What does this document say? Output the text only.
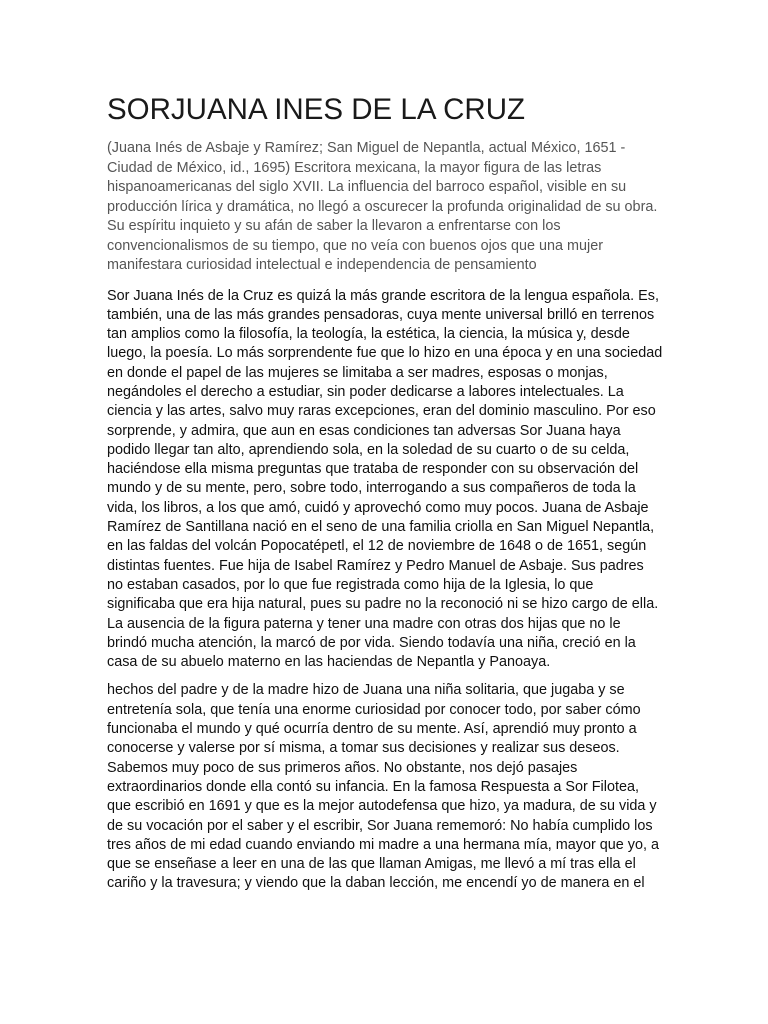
SORJUANA INES DE LA CRUZ

(Juana Inés de Asbaje y Ramírez; San Miguel de Nepantla, actual México, 1651 - Ciudad de México, id., 1695) Escritora mexicana, la mayor figura de las letras hispanoamericanas del siglo XVII. La influencia del barroco español, visible en su producción lírica y dramática, no llegó a oscurecer la profunda originalidad de su obra. Su espíritu inquieto y su afán de saber la llevaron a enfrentarse con los convencionalismos de su tiempo, que no veía con buenos ojos que una mujer manifestara curiosidad intelectual e independencia de pensamiento

Sor Juana Inés de la Cruz es quizá la más grande escritora de la lengua española. Es, también, una de las más grandes pensadoras, cuya mente universal brilló en terrenos tan amplios como la filosofía, la teología, la estética, la ciencia, la música y, desde luego, la poesía. Lo más sorprendente fue que lo hizo en una época y en una sociedad en donde el papel de las mujeres se limitaba a ser madres, esposas o monjas, negándoles el derecho a estudiar, sin poder dedicarse a labores intelectuales. La ciencia y las artes, salvo muy raras excepciones, eran del dominio masculino. Por eso sorprende, y admira, que aun en esas condiciones tan adversas Sor Juana haya podido llegar tan alto, aprendiendo sola, en la soledad de su cuarto o de su celda, haciéndose ella misma preguntas que trataba de responder con su observación del mundo y de su mente, pero, sobre todo, interrogando a sus compañeros de toda la vida, los libros, a los que amó, cuidó y aprovechó como muy pocos. Juana de Asbaje Ramírez de Santillana nació en el seno de una familia criolla en San Miguel Nepantla, en las faldas del volcán Popocatépetl, el 12 de noviembre de 1648 o de 1651, según distintas fuentes. Fue hija de Isabel Ramírez y Pedro Manuel de Asbaje. Sus padres no estaban casados, por lo que fue registrada como hija de la Iglesia, lo que significaba que era hija natural, pues su padre no la reconoció ni se hizo cargo de ella. La ausencia de la figura paterna y tener una madre con otras dos hijas que no le brindó mucha atención, la marcó de por vida. Siendo todavía una niña, creció en la casa de su abuelo materno en las haciendas de Nepantla y Panoaya.

hechos del padre y de la madre hizo de Juana una niña solitaria, que jugaba y se entretenía sola, que tenía una enorme curiosidad por conocer todo, por saber cómo funcionaba el mundo y qué ocurría dentro de su mente. Así, aprendió muy pronto a conocerse y valerse por sí misma, a tomar sus decisiones y realizar sus deseos. Sabemos muy poco de sus primeros años. No obstante, nos dejó pasajes extraordinarios donde ella contó su infancia. En la famosa Respuesta a Sor Filotea, que escribió en 1691 y que es la mejor autodefensa que hizo, ya madura, de su vida y de su vocación por el saber y el escribir, Sor Juana rememoró: No había cumplido los tres años de mi edad cuando enviando mi madre a una hermana mía, mayor que yo, a que se enseñase a leer en una de las que llaman Amigas, me llevó a mí tras ella el cariño y la travesura; y viendo que la daban lección, me encendí yo de manera en el
